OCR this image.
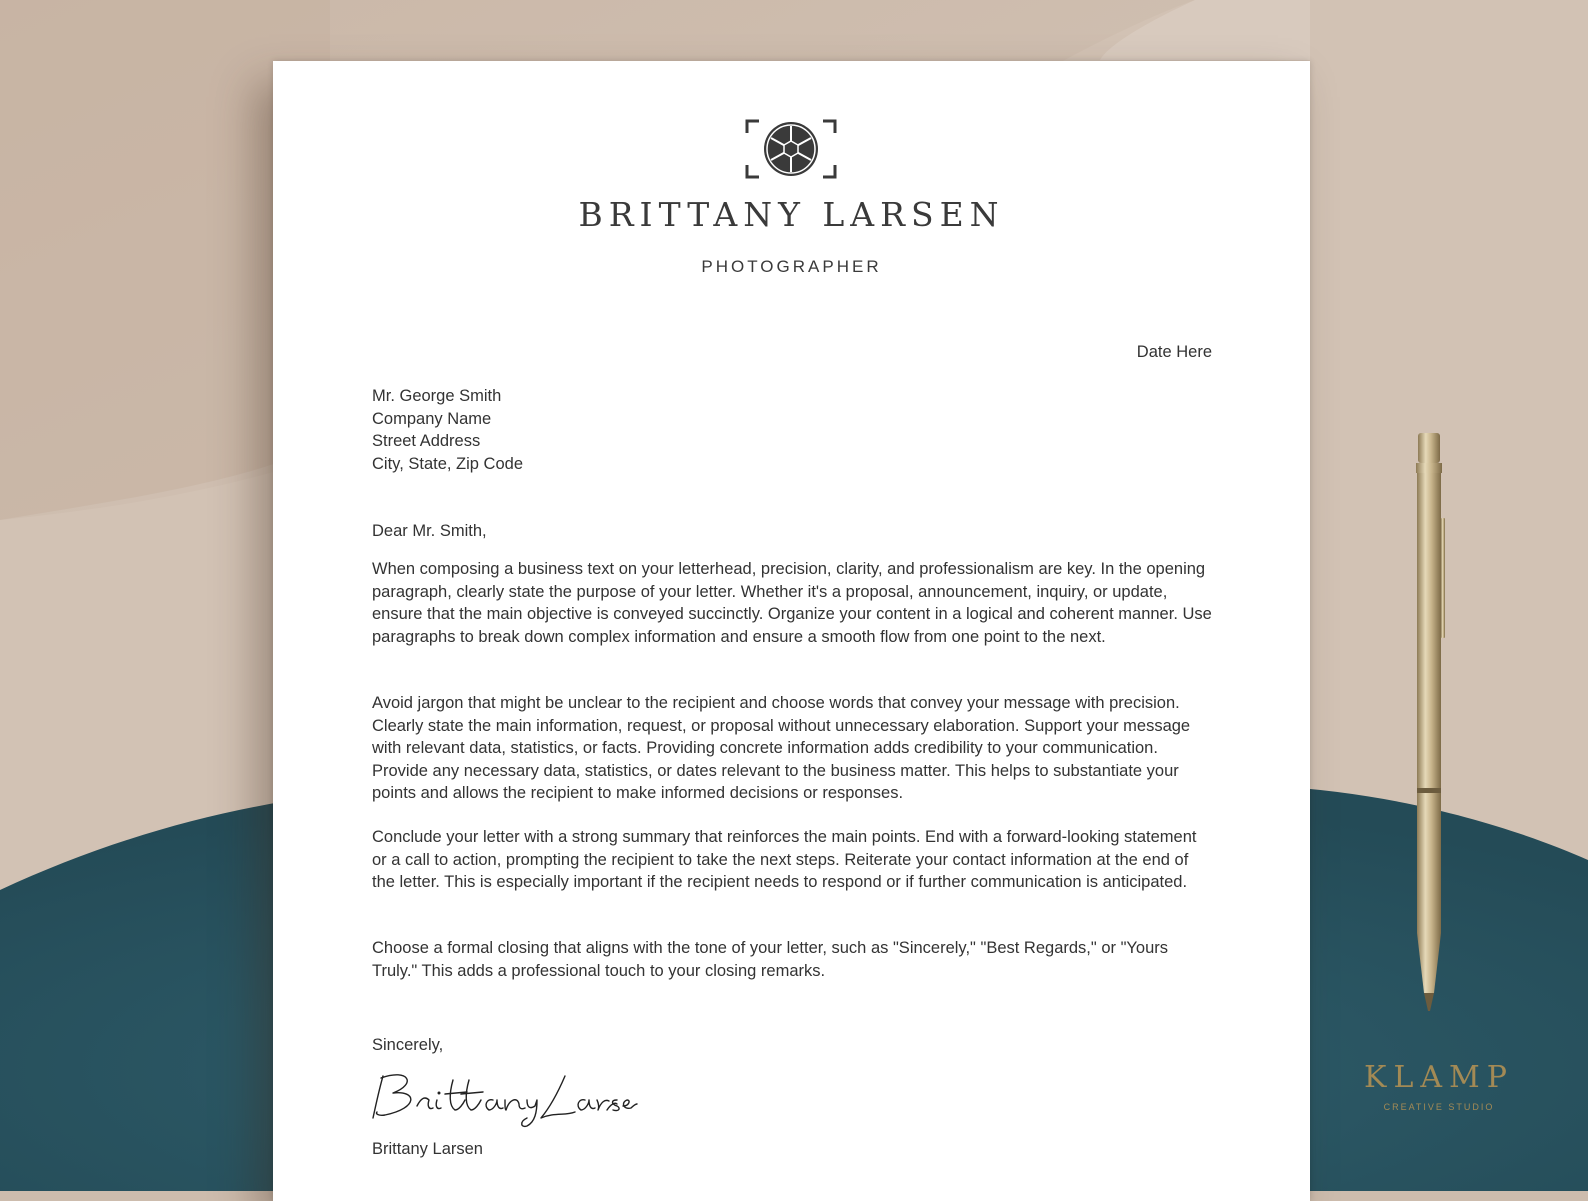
BRITTANY LARSEN
PHOTOGRAPHER
Date Here
Mr. George Smith
Company Name
Street Address
City, State, Zip Code
Dear Mr. Smith,

When composing a business text on your letterhead, precision, clarity, and professionalism are key. In the opening paragraph, clearly state the purpose of your letter. Whether it's a proposal, announcement, inquiry, or update, ensure that the main objective is conveyed succinctly. Organize your content in a logical and coherent manner. Use paragraphs to break down complex information and ensure a smooth flow from one point to the next.

Avoid jargon that might be unclear to the recipient and choose words that convey your message with precision. Clearly state the main information, request, or proposal without unnecessary elaboration. Support your message with relevant data, statistics, or facts. Providing concrete information adds credibility to your communication. Provide any necessary data, statistics, or dates relevant to the business matter. This helps to substantiate your points and allows the recipient to make informed decisions or responses.

Conclude your letter with a strong summary that reinforces the main points. End with a forward-looking statement or a call to action, prompting the recipient to take the next steps. Reiterate your contact information at the end of the letter. This is especially important if the recipient needs to respond or if further communication is anticipated.

Choose a formal closing that aligns with the tone of your letter, such as "Sincerely," "Best Regards," or "Yours Truly." This adds a professional touch to your closing remarks.

Sincerely,
Brittany Larsen
KLAMP
CREATIVE STUDIO
